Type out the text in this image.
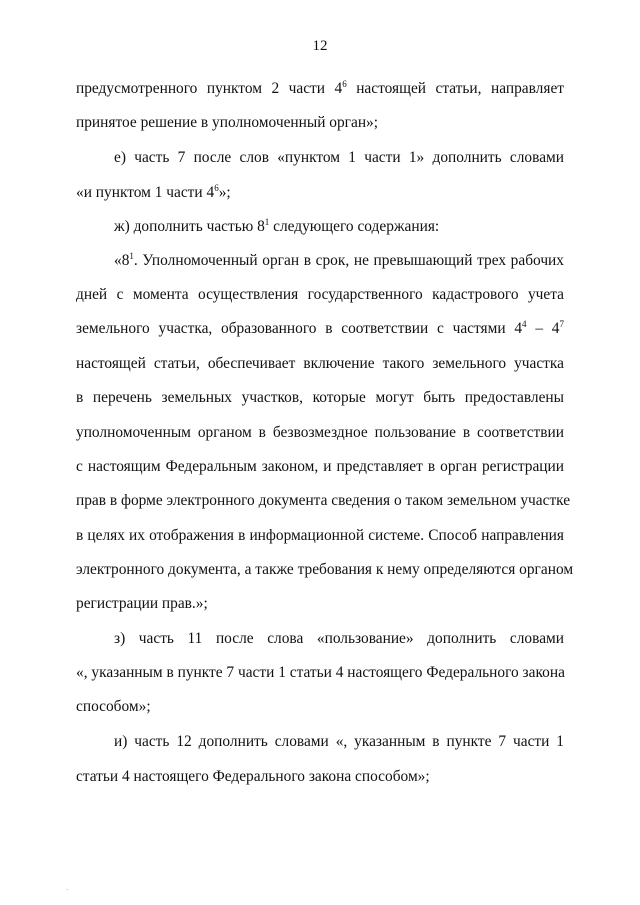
12
предусмотренного пунктом 2 части $4^6$ настоящей статьи, направляет
принятое решение в уполномоченный орган»;
е) часть 7 после слов «пунктом 1 части 1» дополнить словами
«и пунктом 1 части $4^6$»;
ж) дополнить частью $8^1$ следующего содержания:
«$8^1$. Уполномоченный орган в срок, не превышающий трех рабочих
дней с момента осуществления государственного кадастрового учета
земельного участка, образованного в соответствии с частями $4^4 - 4^7$
настоящей статьи, обеспечивает включение такого земельного участка
в перечень земельных участков, которые могут быть предоставлены
уполномоченным органом в безвозмездное пользование в соответствии
с настоящим Федеральным законом, и представляет в орган регистрации
прав в форме электронного документа сведения о таком земельном участке
в целях их отображения в информационной системе. Способ направления
электронного документа, а также требования к нему определяются органом
регистрации прав.»;
з) часть 11 после слова «пользование» дополнить словами
«, указанным в пункте 7 части 1 статьи 4 настоящего Федерального закона
способом»;
и) часть 12 дополнить словами «, указанным в пункте 7 части 1
статьи 4 настоящего Федерального закона способом»;
·
